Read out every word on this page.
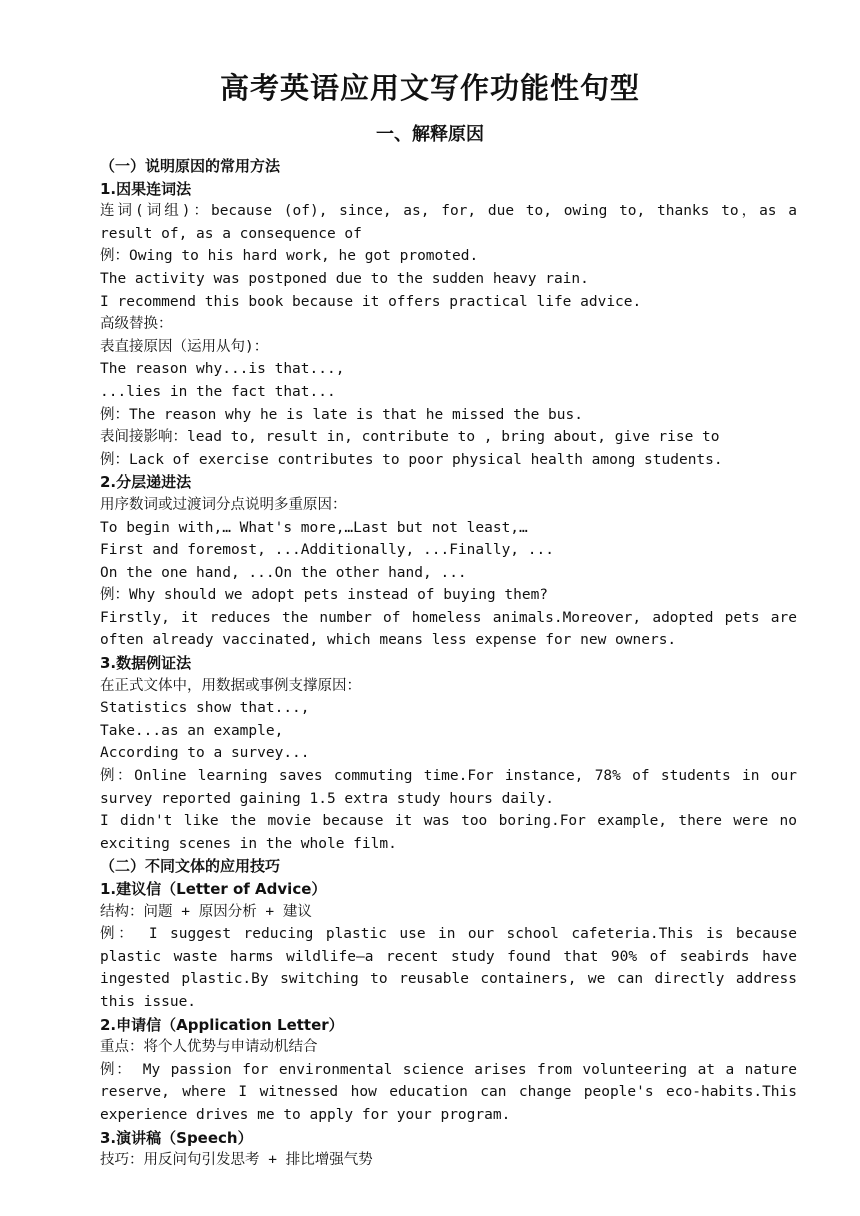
高考英语应用文写作功能性句型
一、解释原因

（一）说明原因的常用方法

1.因果连词法

连词(词组)：because (of), since, as, for, due to, owing to, thanks to，as a result of, as a consequence of

例：Owing to his hard work, he got promoted.

The activity was postponed due to the sudden heavy rain.

I recommend this book because it offers practical life advice.

高级替换：

表直接原因（运用从句)：

The reason why...is that...,

...lies in the fact that...

例：The reason why he is late is that he missed the bus.

表间接影响：lead to, result in, contribute to , bring about, give rise to

例：Lack of exercise contributes to poor physical health among students.

2.分层递进法

用序数词或过渡词分点说明多重原因：

To begin with,… What's more,…Last but not least,…

First and foremost, ...Additionally, ...Finally, ...

On the one hand, ...On the other hand, ...

例：Why should we adopt pets instead of buying them?

Firstly, it reduces the number of homeless animals.Moreover, adopted pets are often already vaccinated, which means less expense for new owners.

3.数据例证法

在正式文体中，用数据或事例支撑原因：

Statistics show that...,

Take...as an example,

According to a survey...

例：Online learning saves commuting time.For instance, 78% of students in our survey reported gaining 1.5 extra study hours daily.

I didn't like the movie because it was too boring.For example, there were no exciting scenes in the whole film.

（二）不同文体的应用技巧

1.建议信（Letter of Advice）

结构：问题 + 原因分析 + 建议

例： I suggest reducing plastic use in our school cafeteria.This is because plastic waste harms wildlife—a recent study found that 90% of seabirds have ingested plastic.By switching to reusable containers, we can directly address this issue.

2.申请信（Application Letter）

重点：将个人优势与申请动机结合

例： My passion for environmental science arises from volunteering at a nature reserve, where I witnessed how education can change people's eco-habits.This experience drives me to apply for your program.

3.演讲稿（Speech）

技巧：用反问句引发思考 + 排比增强气势
